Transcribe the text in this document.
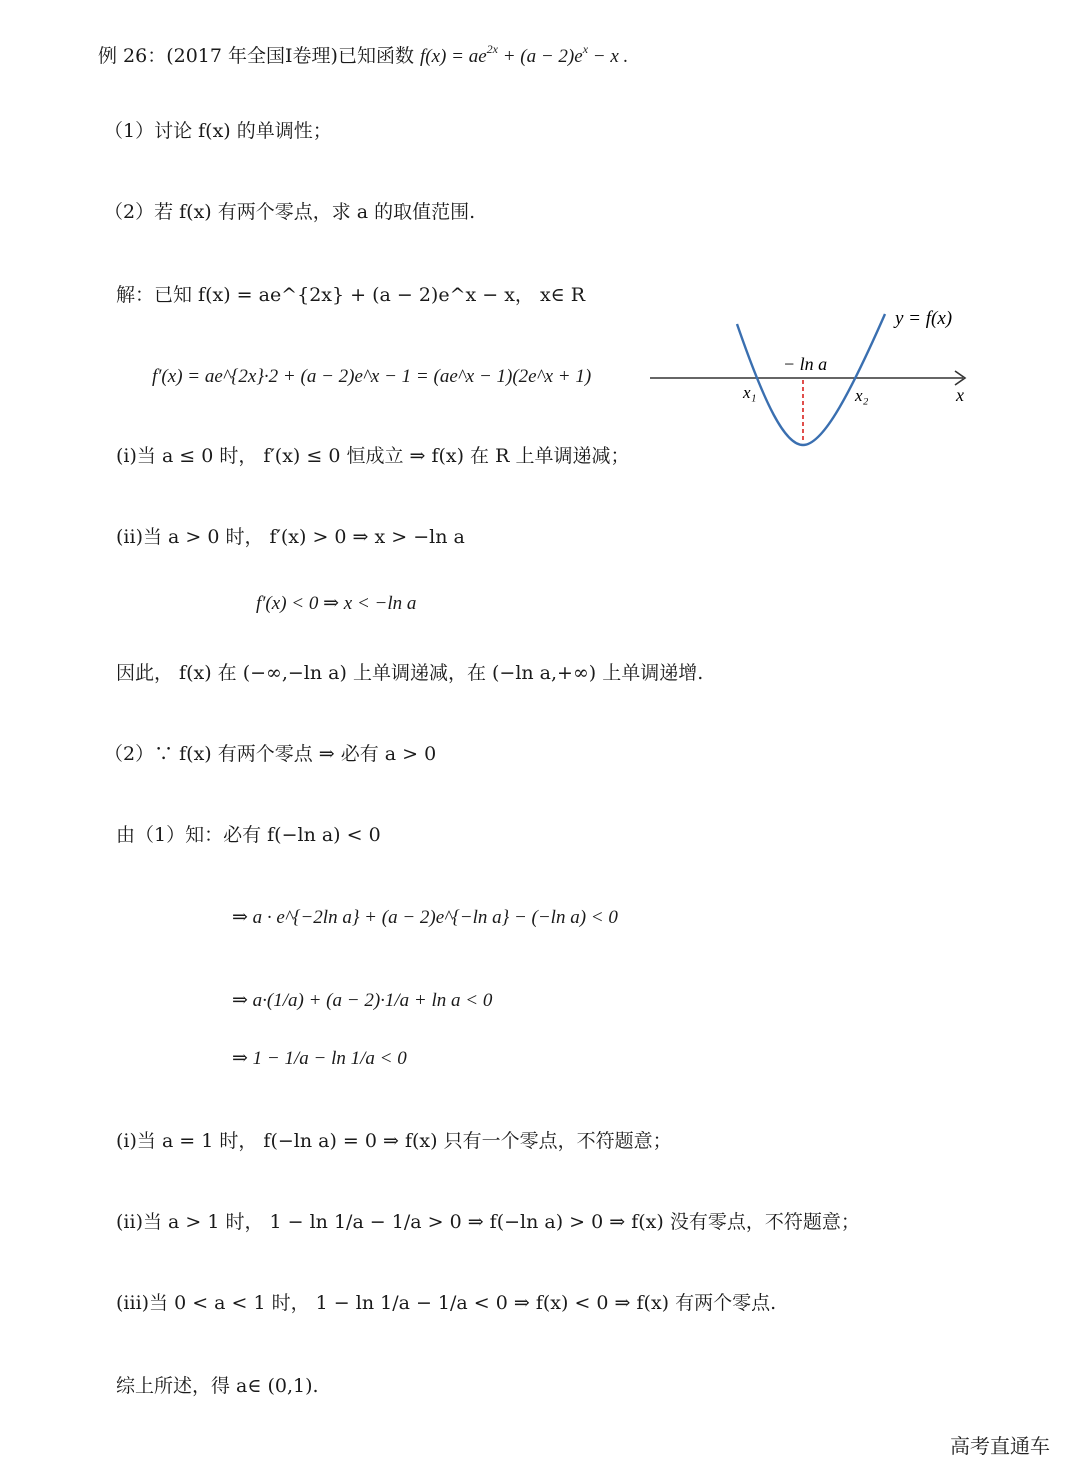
例 26：(2017 年全国Ⅰ卷理)已知函数 $f(x) = ae^{2x} + (a - 2)e^x - x$ .
（1）讨论 f(x) 的单调性；
（2）若 f(x) 有两个零点，求 a 的取值范围.
解：已知 f(x) = ae^{2x} + (a − 2)e^x − x， x∈ R
f′(x) = ae^{2x}·2 + (a − 2)e^x − 1 = (ae^x − 1)(2e^x + 1)
(i)当 a ≤ 0 时， f′(x) ≤ 0 恒成立 ⇒ f(x) 在 R 上单调递减；
(ii)当 a > 0 时， f′(x) > 0 ⇒ x > −ln a
f′(x) < 0 ⇒ x < −ln a
因此， f(x) 在 (−∞,−ln a) 上单调递减，在 (−ln a,+∞) 上单调递增.
（2）∵ f(x) 有两个零点 ⇒ 必有 a > 0
由（1）知：必有 f(−ln a) < 0
⇒ a · e^{−2ln a} + (a − 2)e^{−ln a} − (−ln a) < 0
⇒ a·(1/a) + (a − 2)·1/a + ln a < 0
⇒ 1 − 1/a − ln 1/a < 0
(i)当 a = 1 时， f(−ln a) = 0 ⇒ f(x) 只有一个零点，不符题意；
(ii)当 a > 1 时， 1 − ln 1/a − 1/a > 0 ⇒ f(−ln a) > 0 ⇒ f(x) 没有零点，不符题意；
(iii)当 0 < a < 1 时， 1 − ln 1/a − 1/a < 0 ⇒ f(x) < 0 ⇒ f(x) 有两个零点.
综上所述，得 a∈ (0,1).
y = f(x)
− ln a
x₁	x₂	x
高考直通车
